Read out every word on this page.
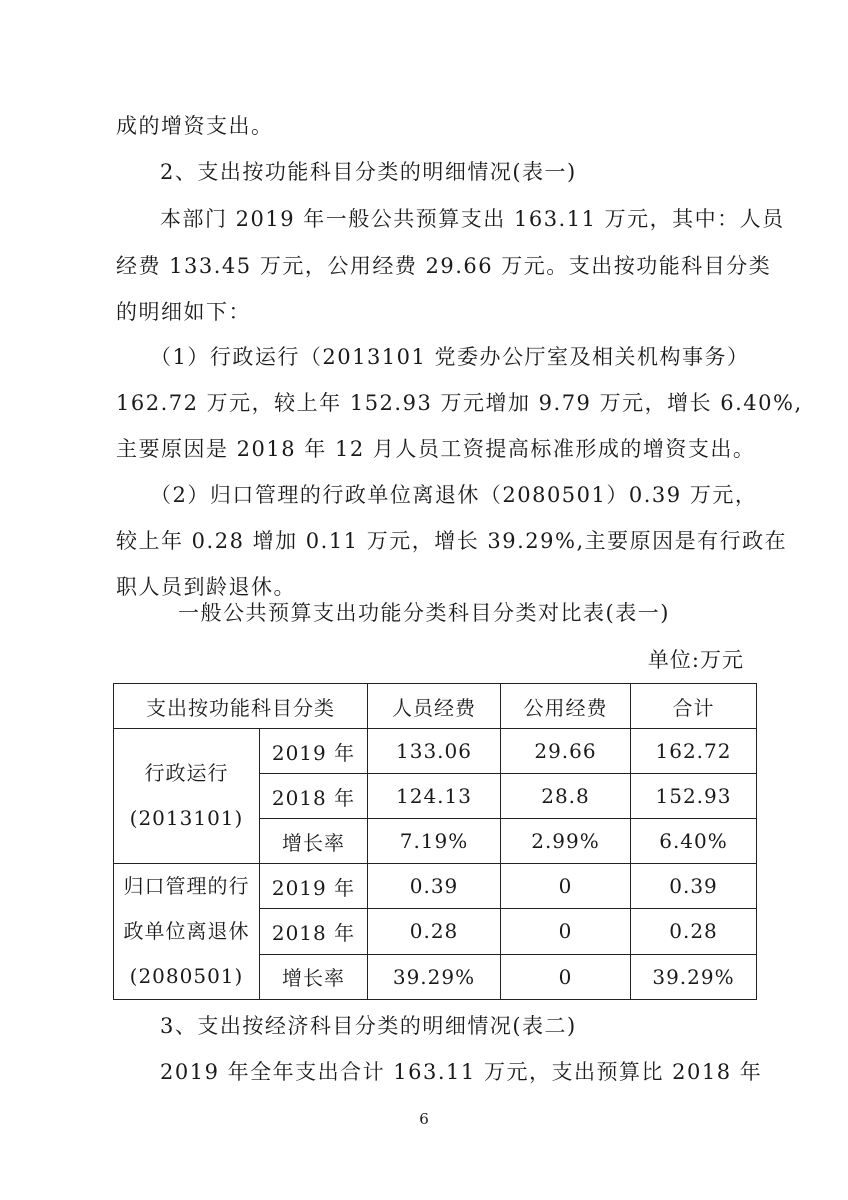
成的增资支出。
2、支出按功能科目分类的明细情况(表一)
本部门 2019 年一般公共预算支出 163.11 万元，其中：人员
经费 133.45 万元，公用经费 29.66 万元。支出按功能科目分类
的明细如下：
（1）行政运行（2013101 党委办公厅室及相关机构事务）
162.72 万元，较上年 152.93 万元增加 9.79 万元，增长 6.40%,
主要原因是 2018 年 12 月人员工资提高标准形成的增资支出。
（2）归口管理的行政单位离退休（2080501）0.39 万元，
较上年 0.28 增加 0.11 万元，增长 39.29%,主要原因是有行政在
职人员到龄退休。
一般公共预算支出功能分类科目分类对比表(表一)
单位:万元
支出按功能科目分类		人员经费	公用经费	合计

行政运行
(2013101)	2019 年	133.06	29.66	162.72
	2018 年	124.13	28.8	152.93
	增长率	7.19%	2.99%	6.40%

归口管理的行
政单位离退休
(2080501)	2019 年	0.39	0	0.39
	2018 年	0.28	0	0.28
	增长率	39.29%	0	39.29%
3、支出按经济科目分类的明细情况(表二)
2019 年全年支出合计 163.11 万元，支出预算比 2018 年
6
